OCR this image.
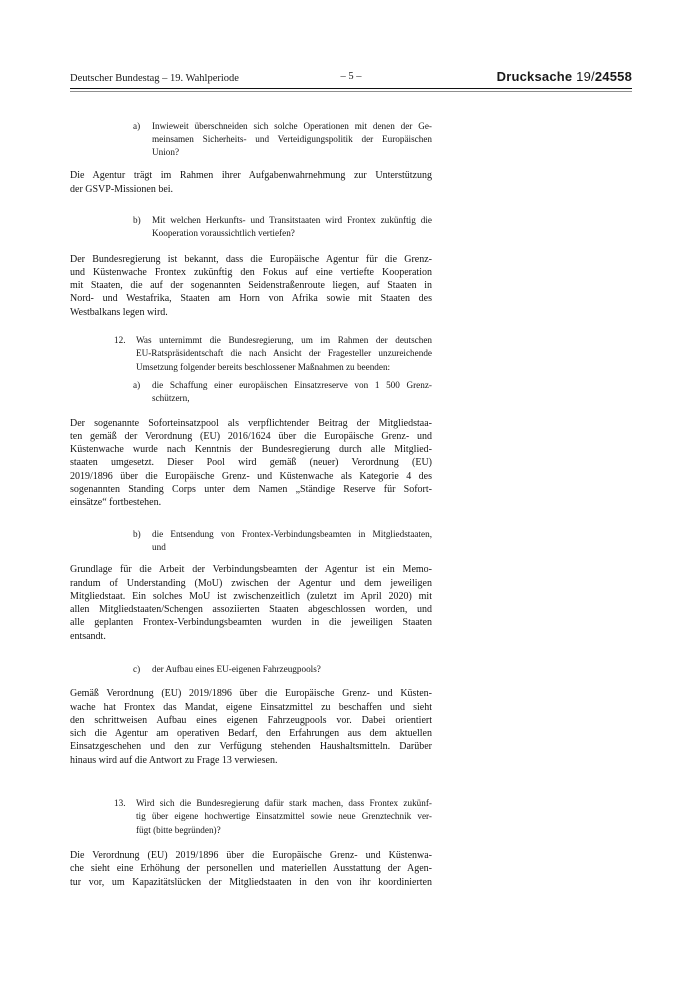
Deutscher Bundestag – 19. Wahlperiode	– 5 –	Drucksache 19/24558
a)	Inwieweit überschneiden sich solche Operationen mit denen der Ge-
meinsamen Sicherheits- und Verteidigungspolitik der Europäischen
Union?
Die Agentur trägt im Rahmen ihrer Aufgabenwahrnehmung zur Unterstützung
der GSVP-Missionen bei.
b)	Mit welchen Herkunfts- und Transitstaaten wird Frontex zukünftig die
Kooperation voraussichtlich vertiefen?
Der Bundesregierung ist bekannt, dass die Europäische Agentur für die Grenz-
und Küstenwache Frontex zukünftig den Fokus auf eine vertiefte Kooperation
mit Staaten, die auf der sogenannten Seidenstraßenroute liegen, auf Staaten in
Nord- und Westafrika, Staaten am Horn von Afrika sowie mit Staaten des
Westbalkans legen wird.
12.	Was unternimmt die Bundesregierung, um im Rahmen der deutschen
EU-Ratspräsidentschaft die nach Ansicht der Fragesteller unzureichende
Umsetzung folgender bereits beschlossener Maßnahmen zu beenden:
a)	die Schaffung einer europäischen Einsatzreserve von 1 500 Grenz-
schützern,
Der sogenannte Soforteinsatzpool als verpflichtender Beitrag der Mitgliedstaa-
ten gemäß der Verordnung (EU) 2016/1624 über die Europäische Grenz- und
Küstenwache wurde nach Kenntnis der Bundesregierung durch alle Mitglied-
staaten umgesetzt. Dieser Pool wird gemäß (neuer) Verordnung (EU)
2019/1896 über die Europäische Grenz- und Küstenwache als Kategorie 4 des
sogenannten Standing Corps unter dem Namen „Ständige Reserve für Sofort-
einsätze“ fortbestehen.
b)	die Entsendung von Frontex-Verbindungsbeamten in Mitgliedstaaten,
und
Grundlage für die Arbeit der Verbindungsbeamten der Agentur ist ein Memo-
randum of Understanding (MoU) zwischen der Agentur und dem jeweiligen
Mitgliedstaat. Ein solches MoU ist zwischenzeitlich (zuletzt im April 2020) mit
allen Mitgliedstaaten/Schengen assoziierten Staaten abgeschlossen worden, und
alle geplanten Frontex-Verbindungsbeamten wurden in die jeweiligen Staaten
entsandt.
c)	der Aufbau eines EU-eigenen Fahrzeugpools?
Gemäß Verordnung (EU) 2019/1896 über die Europäische Grenz- und Küsten-
wache hat Frontex das Mandat, eigene Einsatzmittel zu beschaffen und sieht
den schrittweisen Aufbau eines eigenen Fahrzeugpools vor. Dabei orientiert
sich die Agentur am operativen Bedarf, den Erfahrungen aus dem aktuellen
Einsatzgeschehen und den zur Verfügung stehenden Haushaltsmitteln. Darüber
hinaus wird auf die Antwort zu Frage 13 verwiesen.
13.	Wird sich die Bundesregierung dafür stark machen, dass Frontex zukünf-
tig über eigene hochwertige Einsatzmittel sowie neue Grenztechnik ver-
fügt (bitte begründen)?
Die Verordnung (EU) 2019/1896 über die Europäische Grenz- und Küstenwa-
che sieht eine Erhöhung der personellen und materiellen Ausstattung der Agen-
tur vor, um Kapazitätslücken der Mitgliedstaaten in den von ihr koordinierten
